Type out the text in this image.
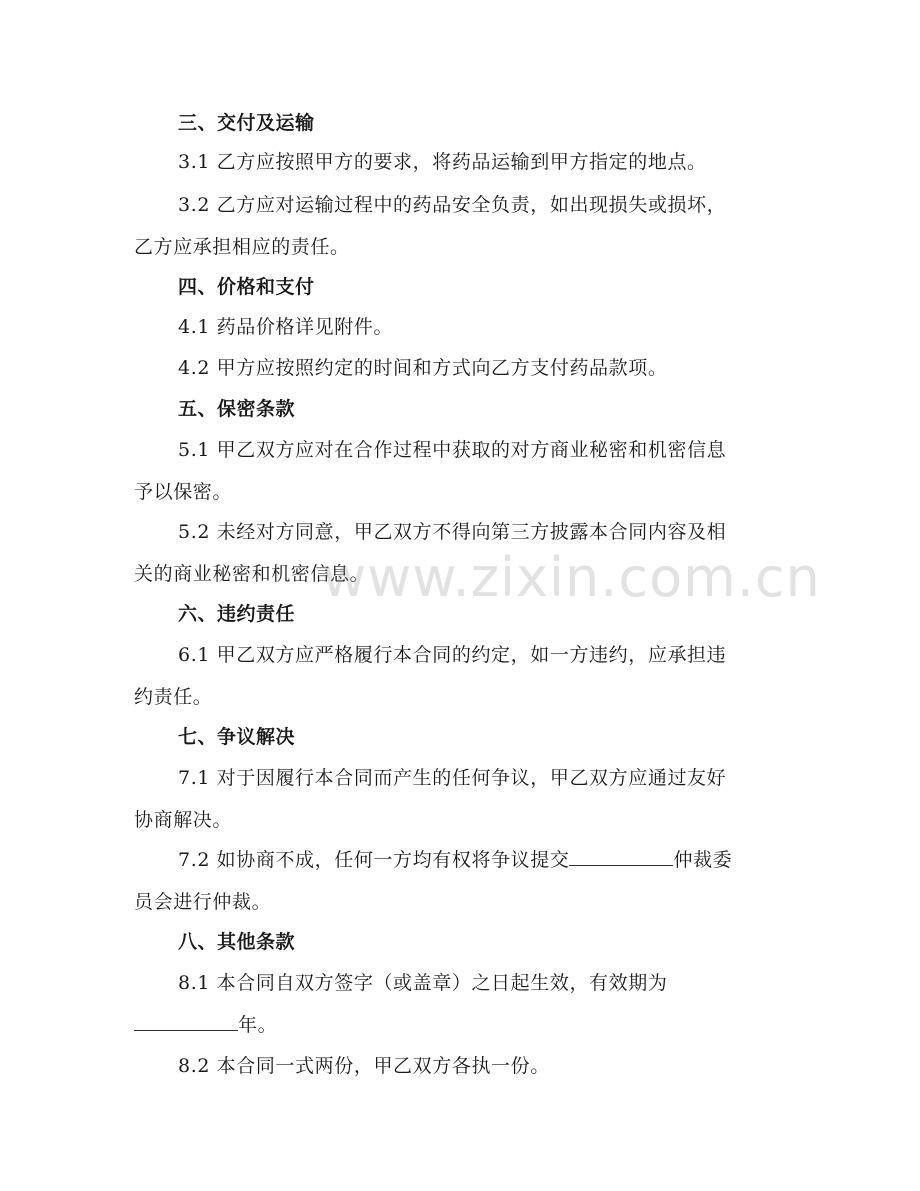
三、交付及运输
3.1 乙方应按照甲方的要求，将药品运输到甲方指定的地点。
3.2 乙方应对运输过程中的药品安全负责，如出现损失或损坏，
乙方应承担相应的责任。
四、价格和支付
4.1 药品价格详见附件。
4.2 甲方应按照约定的时间和方式向乙方支付药品款项。
五、保密条款
5.1 甲乙双方应对在合作过程中获取的对方商业秘密和机密信息
予以保密。
5.2 未经对方同意，甲乙双方不得向第三方披露本合同内容及相
关的商业秘密和机密信息。
六、违约责任
6.1 甲乙双方应严格履行本合同的约定，如一方违约，应承担违
约责任。
七、争议解决
7.1 对于因履行本合同而产生的任何争议，甲乙双方应通过友好
协商解决。
7.2 如协商不成，任何一方均有权将争议提交	仲裁委
员会进行仲裁。
八、其他条款
8.1 本合同自双方签字（或盖章）之日起生效，有效期为
年。
8.2 本合同一式两份，甲乙双方各执一份。
www.zixin.com.cn
